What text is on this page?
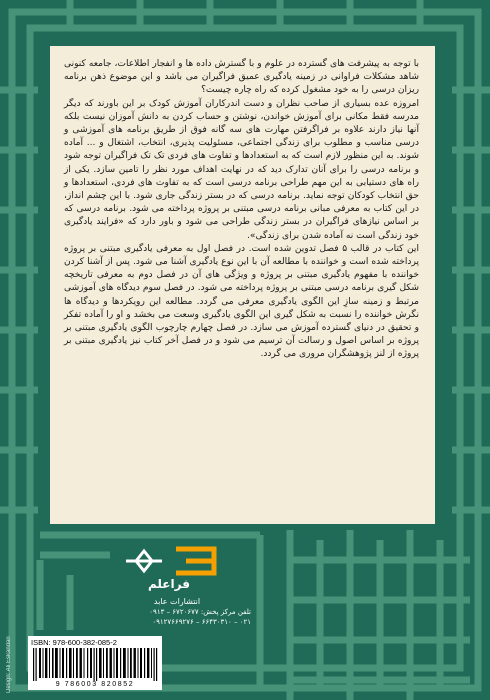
با توجه به پیشرفت های گسترده در علوم و با گسترش داده ها و انفجار اطلاعات، جامعه کنونی شاهد مشکلات فراوانی در زمینه یادگیری عمیق فراگیران می باشد و این موضوع ذهن برنامه ریزان درسی را به خود مشغول کرده که راه چاره چیست؟

امروزه عده بسیاری از صاحب نظران و دست اندرکاران آموزش کودک بر این باورند که دیگر مدرسه فقط مکانی برای آموزش خواندن، نوشتن و حساب کردن به دانش آموزان نیست بلکه آنها نیاز دارند علاوه بر فراگرفتن مهارت های سه گانه فوق از طریق برنامه های آموزشی و درسی مناسب و مطلوب برای زندگی اجتماعی، مسئولیت پذیری، انتخاب، اشتغال و ... آماده شوند. به این منظور لازم است که به استعدادها و تفاوت های فردی تک تک فراگیران توجه شود و برنامه درسی را برای آنان تدارک دید که در نهایت اهداف مورد نظر را تامین سازد. یکی از راه های دستیابی به این مهم طراحی برنامه درسی است که به تفاوت های فردی، استعدادها و حق انتخاب کودکان توجه نماید. برنامه درسی که در بستر زندگی جاری شود. با این چشم انداز، در این کتاب به معرفی مبانی برنامه درسی مبتنی بر پروژه پرداخته می شود. برنامه درسی که بر اساس نیازهای فراگیران در بستر زندگی طراحی می شود و باور دارد که «فرایند یادگیری خود زندگی است نه آماده شدن برای زندگی».

این کتاب در قالب ۵ فصل تدوین شده است. در فصل اول به معرفی یادگیری مبتنی بر پروژه پرداخته شده است و خواننده با مطالعه آن با این نوع یادگیری آشنا می شود. پس از آشنا کردن خواننده با مفهوم یادگیری مبتنی بر پروژه و ویژگی های آن در فصل دوم به معرفی تاریخچه شکل گیری برنامه درسی مبتنی بر پروژه پرداخته می شود. در فصل سوم دیدگاه های آموزشی مرتبط و زمینه سازِ این الگوی یادگیری معرفی می گردد. مطالعه این رویکردها و دیدگاه ها نگرش خواننده را نسبت به شکل گیری این الگوی یادگیری وسعت می بخشد و او را آماده تفکر و تحقیق در دنیای گسترده آموزش می سازد. در فصل چهارم چارچوب الگوی یادگیری مبتنی بر پروژه بر اساس اصول و رسالت آن ترسیم می شود و در فصل آخر کتاب نیز یادگیری مبتنی بر پروژه از لنز پژوهشگران مروری می گردد.

فراعلم
انتشارات عابد
تلفن مرکز پخش: ۶۷۲۰۶۷۷ – ۰۹۱۳
۰۲۱ – ۶۶۴۳۰۳۱۰ – ۰۹۱۲۷۶۶۹۲۷۶
ISBN: 978-600-382-085-2
9 786003 820852
Design: Ali Eskandari
